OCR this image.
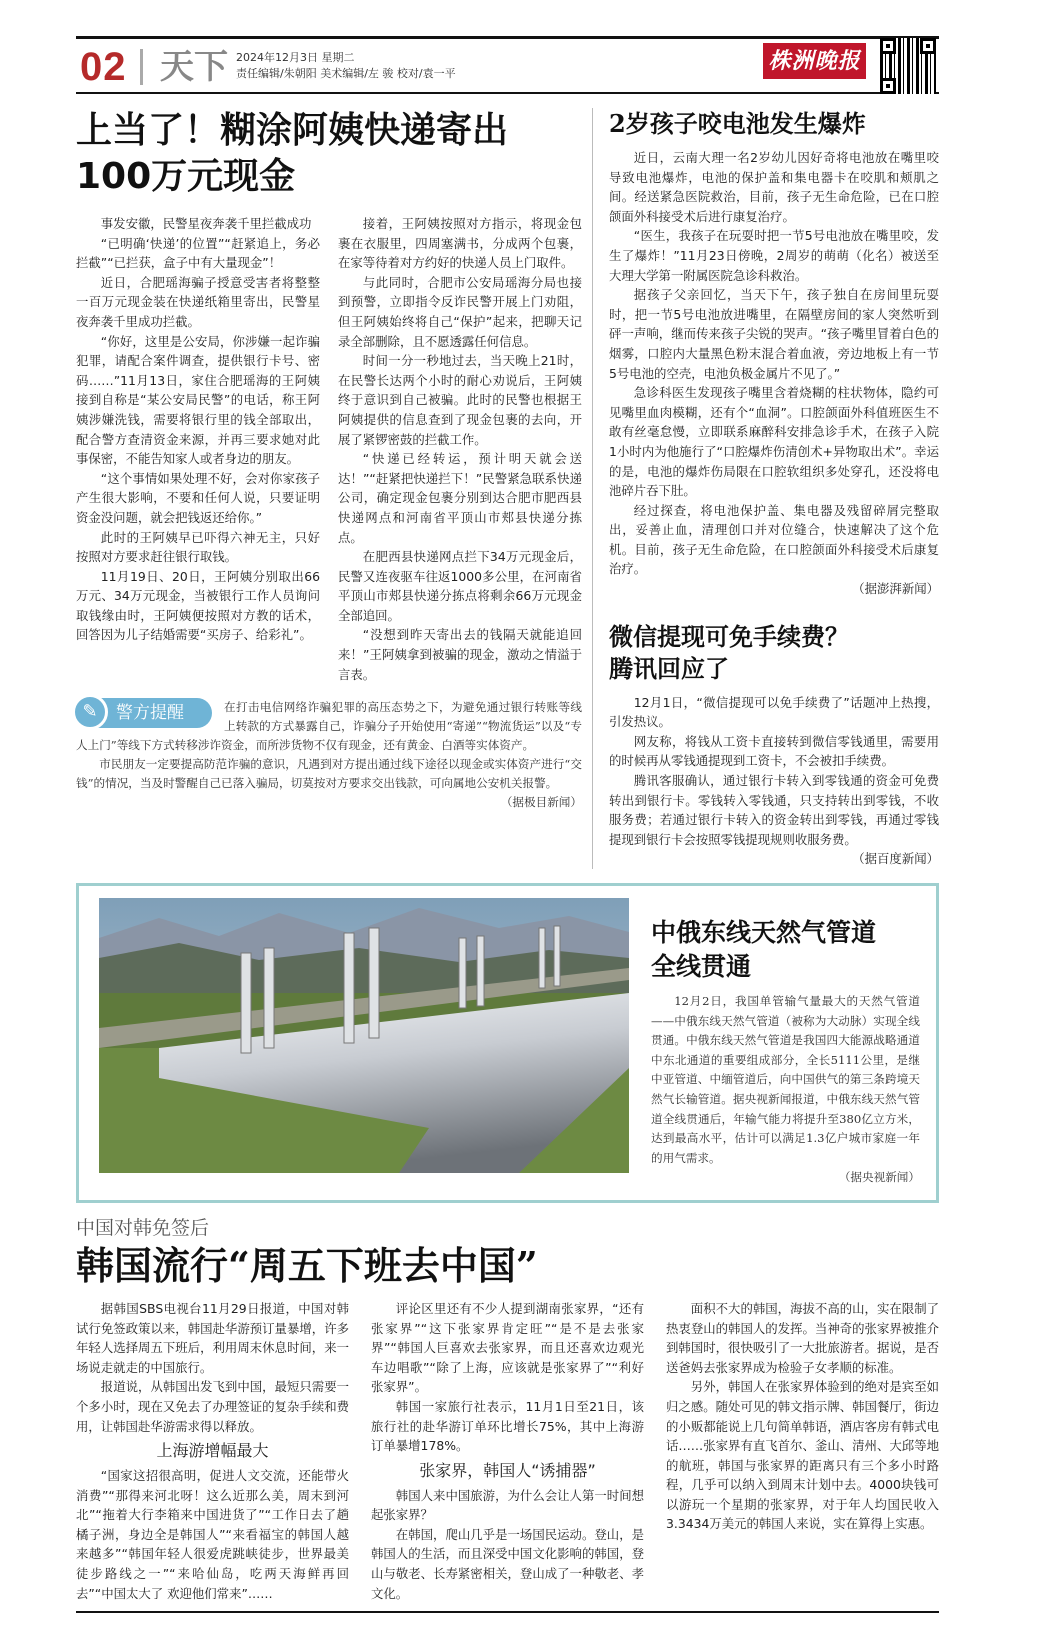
02 天下 2024年12月3日 星期二
责任编辑/朱朝阳 美术编辑/左 骏 校对/袁一平	株洲晚报
上当了！糊涂阿姨快递寄出
100万元现金

事发安徽，民警星夜奔袭千里拦截成功

“已明确‘快递’的位置”“赶紧追上，务必拦截”“已拦获，盒子中有大量现金”！

近日，合肥瑶海骗子授意受害者将整整一百万元现金装在快递纸箱里寄出，民警星夜奔袭千里成功拦截。

“你好，这里是公安局，你涉嫌一起诈骗犯罪，请配合案件调查，提供银行卡号、密码……”11月13日，家住合肥瑶海的王阿姨接到自称是“某公安局民警”的电话，称王阿姨涉嫌洗钱，需要将银行里的钱全部取出，配合警方查清资金来源，并再三要求她对此事保密，不能告知家人或者身边的朋友。

“这个事情如果处理不好，会对你家孩子产生很大影响，不要和任何人说，只要证明资金没问题，就会把钱返还给你。”

此时的王阿姨早已吓得六神无主，只好按照对方要求赶往银行取钱。

11月19日、20日，王阿姨分别取出66万元、34万元现金，当被银行工作人员询问取钱缘由时，王阿姨便按照对方教的话术，回答因为儿子结婚需要“买房子、给彩礼”。

接着，王阿姨按照对方指示，将现金包裹在衣服里，四周塞满书，分成两个包裹，在家等待着对方约好的快递人员上门取件。

与此同时，合肥市公安局瑶海分局也接到预警，立即指令反诈民警开展上门劝阻，但王阿姨始终将自己“保护”起来，把聊天记录全部删除，且不愿透露任何信息。

时间一分一秒地过去，当天晚上21时，在民警长达两个小时的耐心劝说后，王阿姨终于意识到自己被骗。此时的民警也根据王阿姨提供的信息查到了现金包裹的去向，开展了紧锣密鼓的拦截工作。

“快递已经转运，预计明天就会送达！”“赶紧把快递拦下！”民警紧急联系快递公司，确定现金包裹分别到达合肥市肥西县快递网点和河南省平顶山市郏县快递分拣点。

在肥西县快递网点拦下34万元现金后，民警又连夜驱车往返1000多公里，在河南省平顶山市郏县快递分拣点将剩余66万元现金全部追回。

“没想到昨天寄出去的钱隔天就能追回来！”王阿姨拿到被骗的现金，激动之情溢于言表。

✎	警方提醒	在打击电信网络诈骗犯罪的高压态势之下，为避免通过银行转账等线上转款的方式暴露自己，诈骗分子开始使用“寄递”“物流货运”以及“专人上门”等线下方式转移涉诈资金，而所涉货物不仅有现金，还有黄金、白酒等实体资产。

市民朋友一定要提高防范诈骗的意识，凡遇到对方提出通过线下途径以现金或实体资产进行“交钱”的情况，当及时警醒自己已落入骗局，切莫按对方要求交出钱款，可向属地公安机关报警。

（据极目新闻）
2岁孩子咬电池发生爆炸

近日，云南大理一名2岁幼儿因好奇将电池放在嘴里咬导致电池爆炸，电池的保护盖和集电器卡在咬肌和颊肌之间。经送紧急医院救治，目前，孩子无生命危险，已在口腔颌面外科接受术后进行康复治疗。

“医生，我孩子在玩耍时把一节5号电池放在嘴里咬，发生了爆炸！”11月23日傍晚，2周岁的萌萌（化名）被送至大理大学第一附属医院急诊科救治。

据孩子父亲回忆，当天下午，孩子独自在房间里玩耍时，把一节5号电池放进嘴里，在隔壁房间的家人突然听到砰一声响，继而传来孩子尖锐的哭声。“孩子嘴里冒着白色的烟雾，口腔内大量黑色粉末混合着血液，旁边地板上有一节5号电池的空壳，电池负极金属片不见了。”

急诊科医生发现孩子嘴里含着烧糊的柱状物体，隐约可见嘴里血肉模糊，还有个“血洞”。口腔颌面外科值班医生不敢有丝毫怠慢，立即联系麻醉科安排急诊手术，在孩子入院1小时内为他施行了“口腔爆炸伤清创术+异物取出术”。幸运的是，电池的爆炸伤局限在口腔软组织多处穿孔，还没将电池碎片吞下肚。

经过探查，将电池保护盖、集电器及残留碎屑完整取出，妥善止血，清理创口并对位缝合，快速解决了这个危机。目前，孩子无生命危险，在口腔颌面外科接受术后康复治疗。

（据澎湃新闻）
微信提现可免手续费？
腾讯回应了

12月1日，“微信提现可以免手续费了”话题冲上热搜，引发热议。

网友称，将钱从工资卡直接转到微信零钱通里，需要用的时候再从零钱通提现到工资卡，不会被扣手续费。

腾讯客服确认，通过银行卡转入到零钱通的资金可免费转出到银行卡。零钱转入零钱通，只支持转出到零钱，不收服务费；若通过银行卡转入的资金转出到零钱，再通过零钱提现到银行卡会按照零钱提现规则收服务费。

（据百度新闻）
中俄东线天然气管道
全线贯通

12月2日，我国单管输气量最大的天然气管道——中俄东线天然气管道（被称为大动脉）实现全线贯通。中俄东线天然气管道是我国四大能源战略通道中东北通道的重要组成部分，全长5111公里，是继中亚管道、中缅管道后，向中国供气的第三条跨境天然气长输管道。据央视新闻报道，中俄东线天然气管道全线贯通后，年输气能力将提升至380亿立方米，达到最高水平，估计可以满足1.3亿户城市家庭一年的用气需求。

（据央视新闻）
中国对韩免签后
韩国流行“周五下班去中国”

据韩国SBS电视台11月29日报道，中国对韩试行免签政策以来，韩国赴华游预订量暴增，许多年轻人选择周五下班后，利用周末休息时间，来一场说走就走的中国旅行。

报道说，从韩国出发飞到中国，最短只需要一个多小时，现在又免去了办理签证的复杂手续和费用，让韩国赴华游需求得以释放。

上海游增幅最大

“国家这招很高明，促进人文交流，还能带火消费”“那得来河北呀！这么近那么美，周末到河北”“拖着大行李箱来中国进货了”“工作日去了趟橘子洲，身边全是韩国人”“来看福宝的韩国人越来越多”“韩国年轻人很爱虎跳峡徒步，世界最美徒步路线之一”“来哈仙岛，吃两天海鲜再回去”“中国太大了 欢迎他们常来”……

评论区里还有不少人提到湖南张家界，“还有张家界”“这下张家界肯定旺”“是不是去张家界”“韩国人巨喜欢去张家界，而且还喜欢边观光车边唱歌”“除了上海，应该就是张家界了”“利好张家界”。

韩国一家旅行社表示，11月1日至21日，该旅行社的赴华游订单环比增长75%，其中上海游订单暴增178%。

张家界，韩国人“诱捕器”

韩国人来中国旅游，为什么会让人第一时间想起张家界？

在韩国，爬山几乎是一场国民运动。登山，是韩国人的生活，而且深受中国文化影响的韩国，登山与敬老、长寿紧密相关，登山成了一种敬老、孝文化。

面积不大的韩国，海拔不高的山，实在限制了热衷登山的韩国人的发挥。当神奇的张家界被推介到韩国时，很快吸引了一大批旅游者。据说，是否送爸妈去张家界成为检验子女孝顺的标准。

另外，韩国人在张家界体验到的绝对是宾至如归之感。随处可见的韩文指示牌、韩国餐厅，街边的小贩都能说上几句简单韩语，酒店客房有韩式电话……张家界有直飞首尔、釜山、清州、大邱等地的航班，韩国与张家界的距离只有三个多小时路程，几乎可以纳入到周末计划中去。4000块钱可以游玩一个星期的张家界，对于年人均国民收入3.3434万美元的韩国人来说，实在算得上实惠。
